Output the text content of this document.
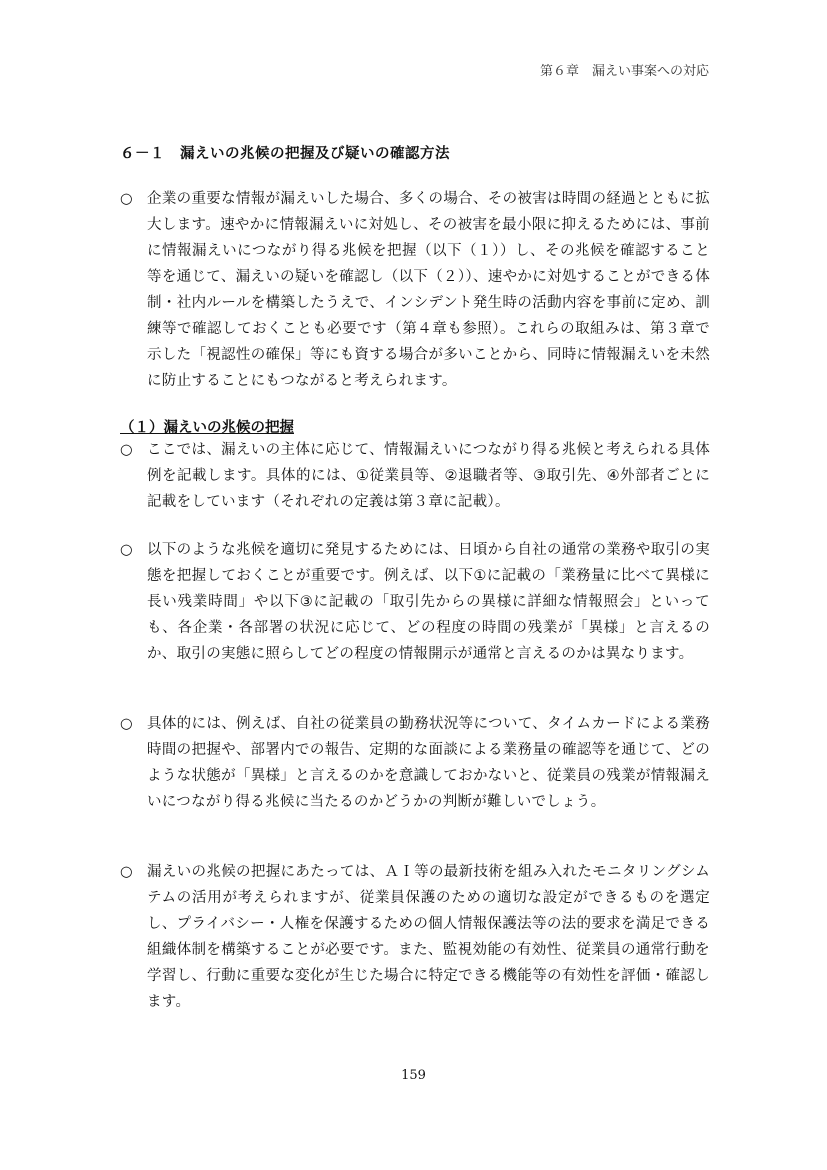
第６章　漏えい事案への対応
６－１　漏えいの兆候の把握及び疑いの確認方法
○ 企業の重要な情報が漏えいした場合、多くの場合、その被害は時間の経過とともに拡大します。速やかに情報漏えいに対処し、その被害を最小限に抑えるためには、事前に情報漏えいにつながり得る兆候を把握（以下（１））し、その兆候を確認すること等を通じて、漏えいの疑いを確認し（以下（２））、速やかに対処することができる体制・社内ルールを構築したうえで、インシデント発生時の活動内容を事前に定め、訓練等で確認しておくことも必要です（第４章も参照）。これらの取組みは、第３章で示した「視認性の確保」等にも資する場合が多いことから、同時に情報漏えいを未然に防止することにもつながると考えられます。
（１）漏えいの兆候の把握
○ ここでは、漏えいの主体に応じて、情報漏えいにつながり得る兆候と考えられる具体例を記載します。具体的には、①従業員等、②退職者等、③取引先、④外部者ごとに記載をしています（それぞれの定義は第３章に記載）。
○ 以下のような兆候を適切に発見するためには、日頃から自社の通常の業務や取引の実態を把握しておくことが重要です。例えば、以下①に記載の「業務量に比べて異様に長い残業時間」や以下③に記載の「取引先からの異様に詳細な情報照会」といっても、各企業・各部署の状況に応じて、どの程度の時間の残業が「異様」と言えるのか、取引の実態に照らしてどの程度の情報開示が通常と言えるのかは異なります。
○ 具体的には、例えば、自社の従業員の勤務状況等について、タイムカードによる業務時間の把握や、部署内での報告、定期的な面談による業務量の確認等を通じて、どのような状態が「異様」と言えるのかを意識しておかないと、従業員の残業が情報漏えいにつながり得る兆候に当たるのかどうかの判断が難しいでしょう。
○ 漏えいの兆候の把握にあたっては、ＡＩ等の最新技術を組み入れたモニタリングシムテムの活用が考えられますが、従業員保護のための適切な設定ができるものを選定し、プライバシー・人権を保護するための個人情報保護法等の法的要求を満足できる組織体制を構築することが必要です。また、監視効能の有効性、従業員の通常行動を学習し、行動に重要な変化が生じた場合に特定できる機能等の有効性を評価・確認します。
159
